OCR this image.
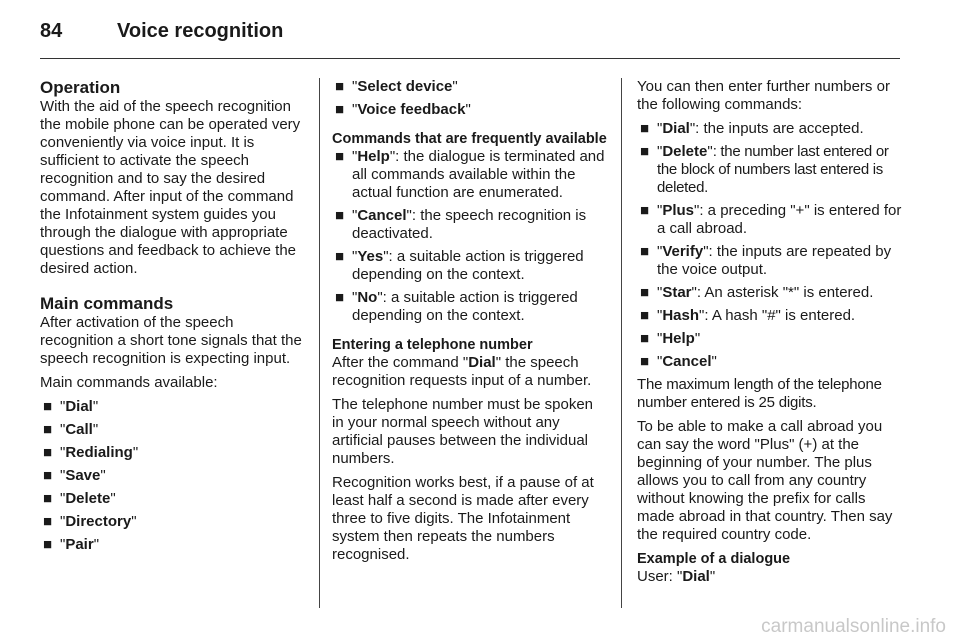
84	Voice recognition
Operation

With the aid of the speech recognition the mobile phone can be operated very conveniently via voice input. It is sufficient to activate the speech recognition and to say the desired command. After input of the command the Infotainment system guides you through the dialogue with appropriate questions and feedback to achieve the desired action.

Main commands

After activation of the speech recognition a short tone signals that the speech recognition is expecting input.

Main commands available:

■ "Dial"
■ "Call"
■ "Redialing"
■ "Save"
■ "Delete"
■ "Directory"
■ "Pair"
■ "Select device"
■ "Voice feedback"
Commands that are frequently available
■ "Help": the dialogue is terminated and all commands available within the actual function are enumerated.
■ "Cancel": the speech recognition is deactivated.
■ "Yes": a suitable action is triggered depending on the context.
■ "No": a suitable action is triggered depending on the context.
Entering a telephone number

After the command "Dial" the speech recognition requests input of a number.

The telephone number must be spoken in your normal speech without any artificial pauses between the individual numbers.

Recognition works best, if a pause of at least half a second is made after every three to five digits. The Infotainment system then repeats the numbers recognised.

You can then enter further numbers or the following commands:

■ "Dial": the inputs are accepted.
■ "Delete": the number last entered or the block of numbers last entered is deleted.
■ "Plus": a preceding "+" is entered for a call abroad.
■ "Verify": the inputs are repeated by the voice output.
■ "Star": An asterisk "*" is entered.
■ "Hash": A hash "#" is entered.
■ "Help"
■ "Cancel"

The maximum length of the telephone number entered is 25 digits.

To be able to make a call abroad you can say the word "Plus" (+) at the beginning of your number. The plus allows you to call from any country without knowing the prefix for calls made abroad in that country. Then say the required country code.

Example of a dialogue

User: "Dial"

carmanualsonline.info
